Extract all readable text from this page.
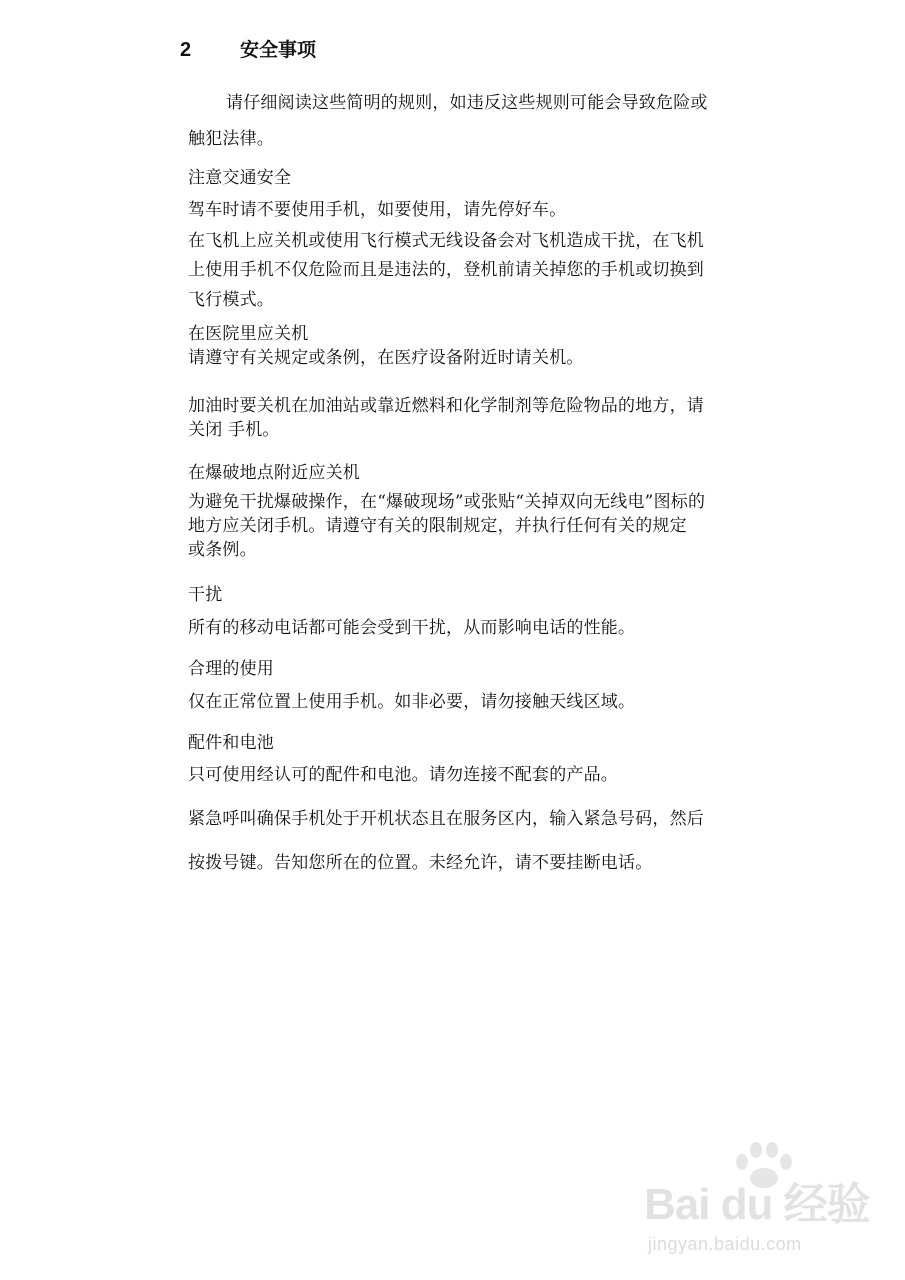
2	安全事项
请仔细阅读这些简明的规则，如违反这些规则可能会导致危险或
触犯法律。
注意交通安全
驾车时请不要使用手机，如要使用，请先停好车。
在飞机上应关机或使用飞行模式无线设备会对飞机造成干扰，在飞机
上使用手机不仅危险而且是违法的，登机前请关掉您的手机或切换到
飞行模式。
在医院里应关机
请遵守有关规定或条例，在医疗设备附近时请关机。
加油时要关机在加油站或靠近燃料和化学制剂等危险物品的地方，请
关闭 手机。
在爆破地点附近应关机
为避免干扰爆破操作，在“爆破现场”或张贴“关掉双向无线电”图标的
地方应关闭手机。请遵守有关的限制规定，并执行任何有关的规定
或条例。
干扰
所有的移动电话都可能会受到干扰，从而影响电话的性能。
合理的使用
仅在正常位置上使用手机。如非必要，请勿接触天线区域。
配件和电池
只可使用经认可的配件和电池。请勿连接不配套的产品。
紧急呼叫确保手机处于开机状态且在服务区内，输入紧急号码，然后
按拨号键。告知您所在的位置。未经允许，请不要挂断电话。
Bai du 经验
jingyan.baidu.com
